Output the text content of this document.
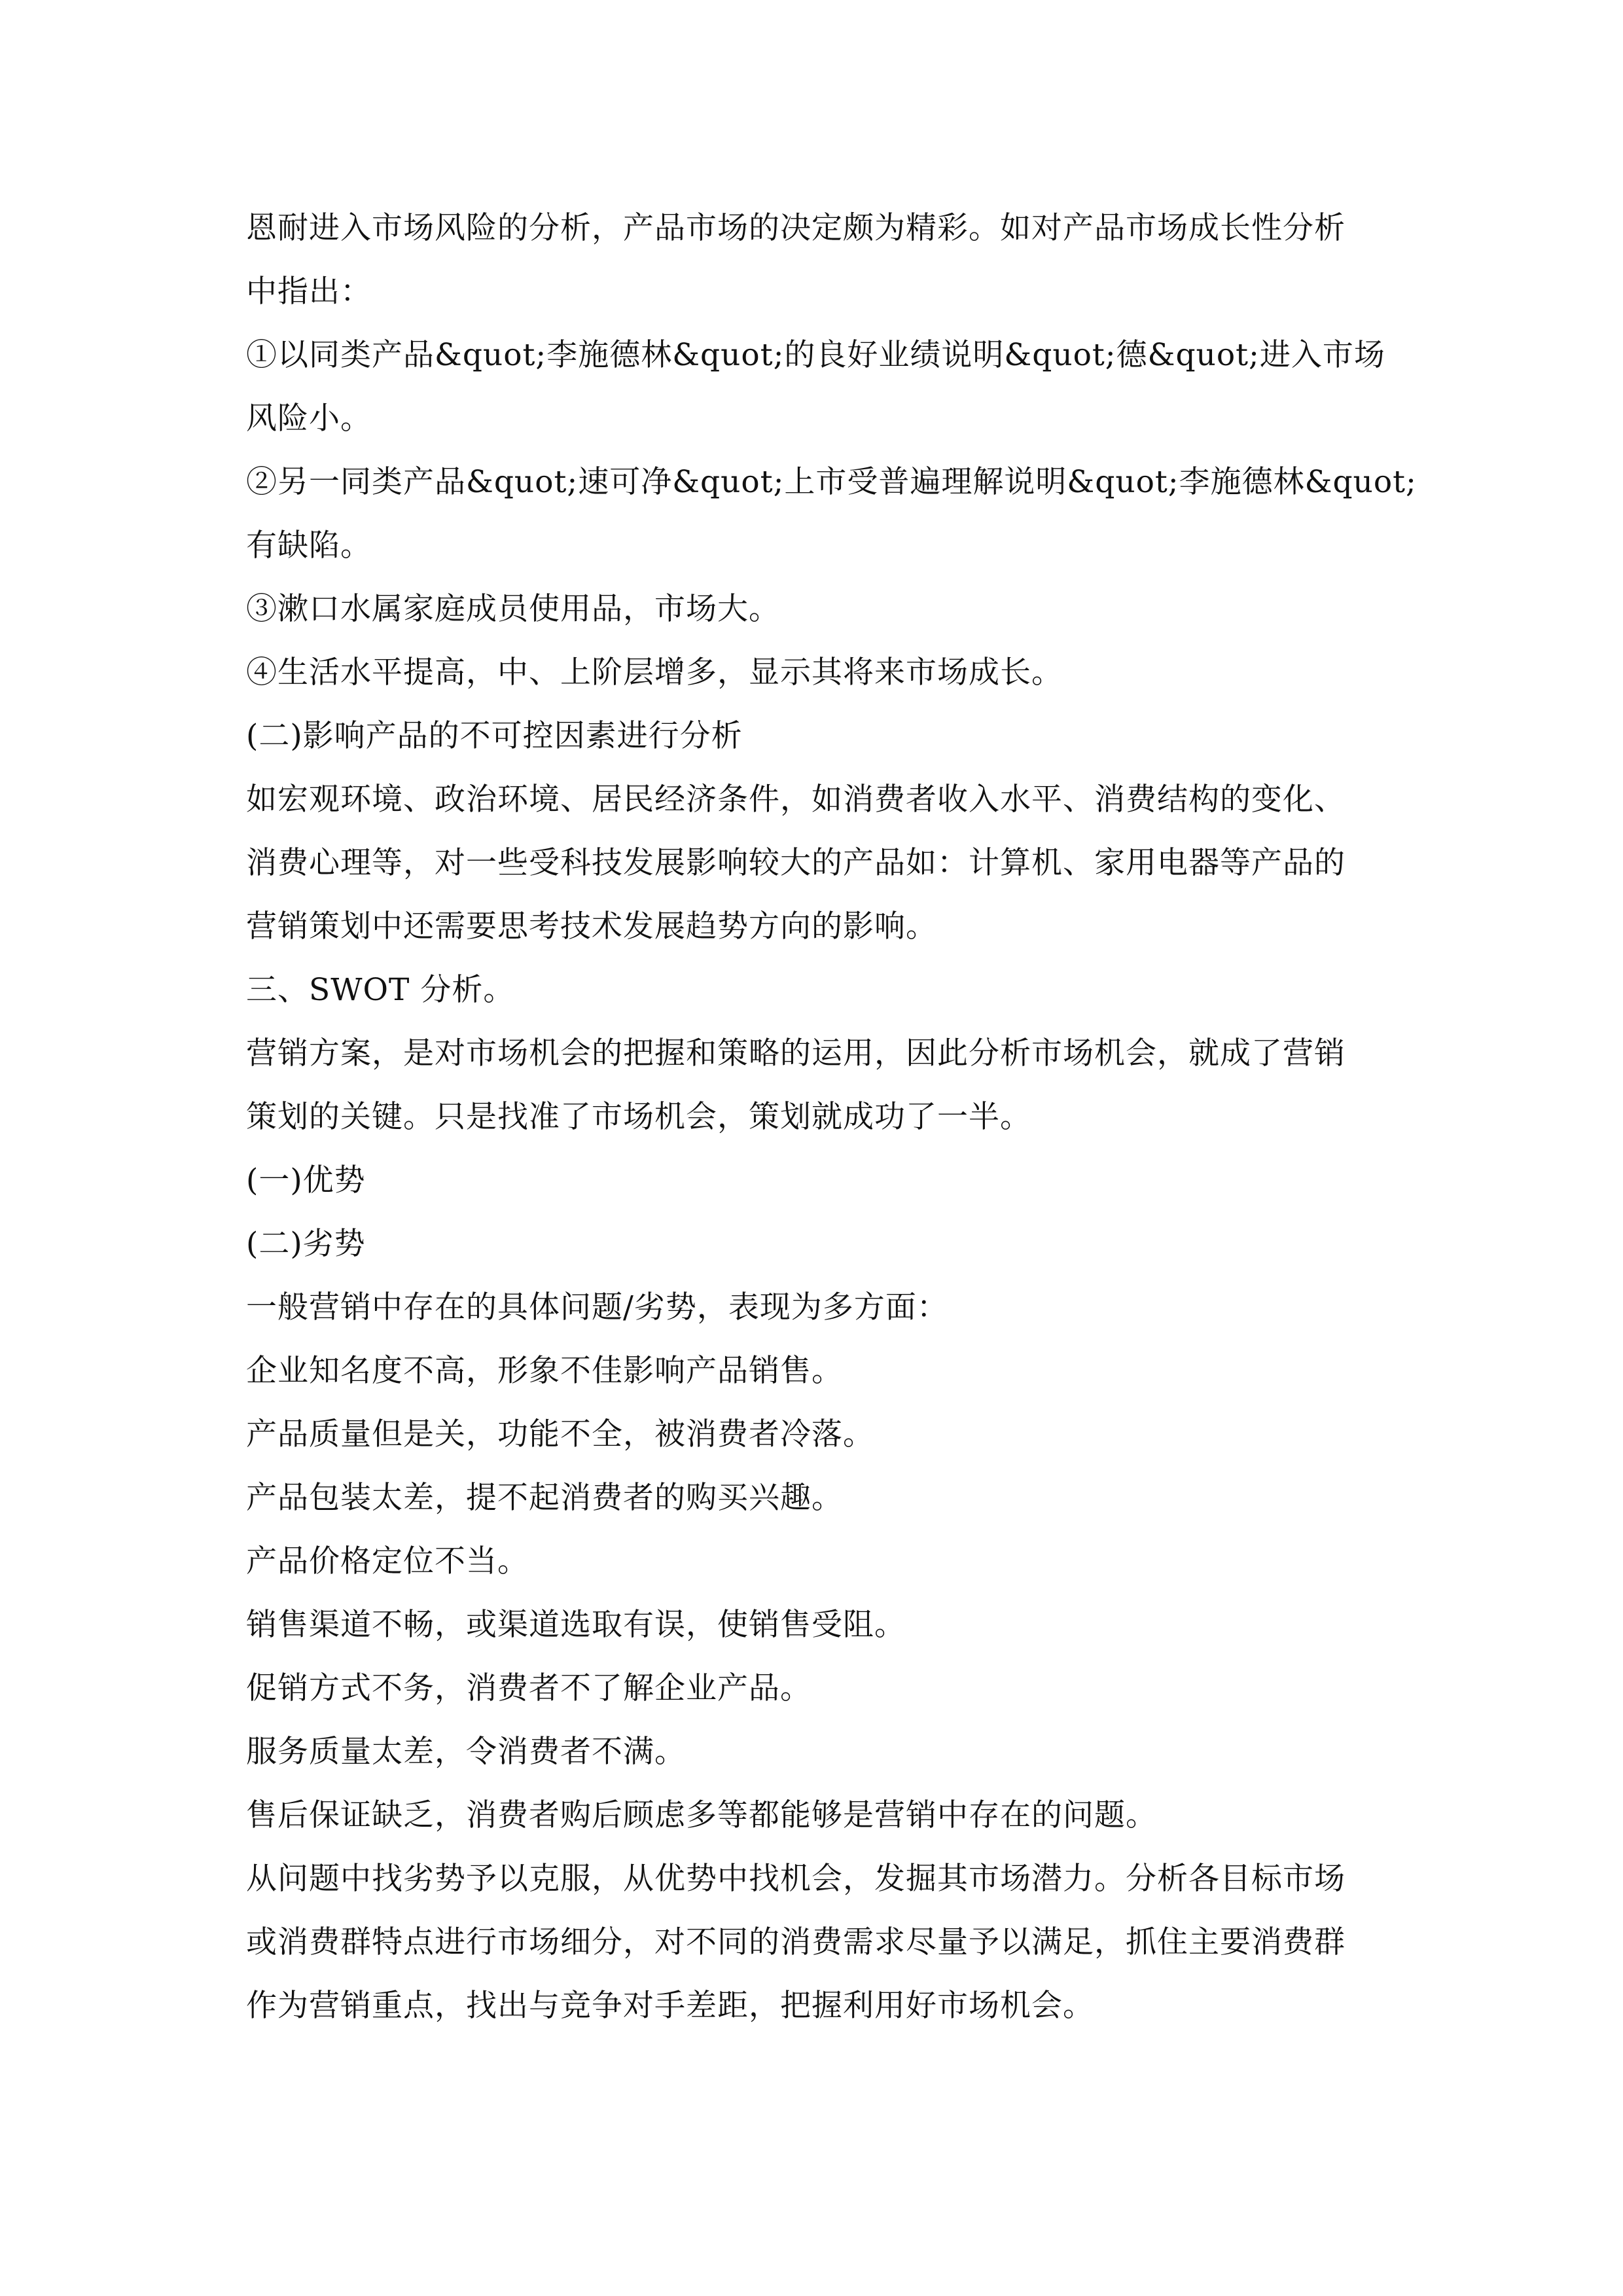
恩耐进入市场风险的分析，产品市场的决定颇为精彩。如对产品市场成长性分析
中指出：
①以同类产品&quot;李施德林&quot;的良好业绩说明&quot;德&quot;进入市场
风险小。
②另一同类产品&quot;速可净&quot;上市受普遍理解说明&quot;李施德林&quot;
有缺陷。
③漱口水属家庭成员使用品，市场大。
④生活水平提高，中、上阶层增多，显示其将来市场成长。
(二)影响产品的不可控因素进行分析
如宏观环境、政治环境、居民经济条件，如消费者收入水平、消费结构的变化、
消费心理等，对一些受科技发展影响较大的产品如：计算机、家用电器等产品的
营销策划中还需要思考技术发展趋势方向的影响。
三、SWOT 分析。
营销方案，是对市场机会的把握和策略的运用，因此分析市场机会，就成了营销
策划的关键。只是找准了市场机会，策划就成功了一半。
(一)优势
(二)劣势
一般营销中存在的具体问题/劣势，表现为多方面：
企业知名度不高，形象不佳影响产品销售。
产品质量但是关，功能不全，被消费者冷落。
产品包装太差，提不起消费者的购买兴趣。
产品价格定位不当。
销售渠道不畅，或渠道选取有误，使销售受阻。
促销方式不务，消费者不了解企业产品。
服务质量太差，令消费者不满。
售后保证缺乏，消费者购后顾虑多等都能够是营销中存在的问题。
从问题中找劣势予以克服，从优势中找机会，发掘其市场潜力。分析各目标市场
或消费群特点进行市场细分，对不同的消费需求尽量予以满足，抓住主要消费群
作为营销重点，找出与竞争对手差距，把握利用好市场机会。
